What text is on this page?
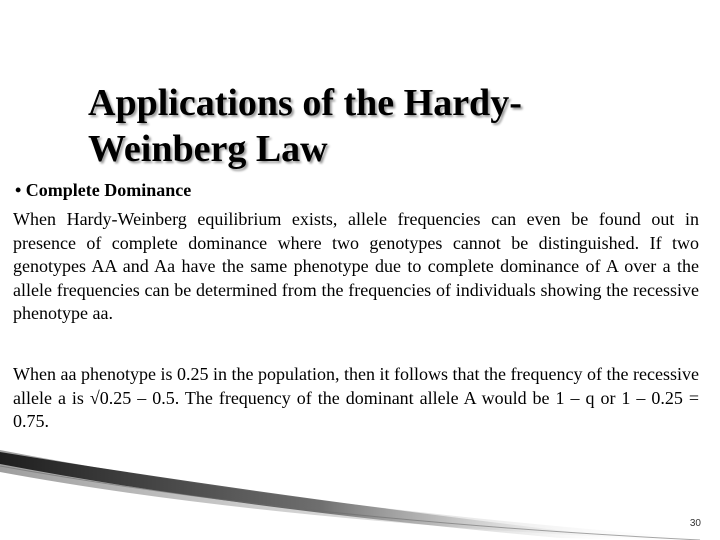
Applications of the Hardy-
Weinberg Law

• Complete Dominance

When Hardy-Weinberg equilibrium exists, allele frequencies can even be found out in presence of complete dominance where two genotypes cannot be distinguished. If two genotypes AA and Aa have the same phenotype due to complete dominance of A over a the allele frequencies can be determined from the frequencies of individuals showing the recessive phenotype aa.

When aa phenotype is 0.25 in the population, then it follows that the frequency of the recessive allele a is √0.25 – 0.5. The frequency of the dominant allele A would be 1 – q or 1 – 0.25 = 0.75.

30
